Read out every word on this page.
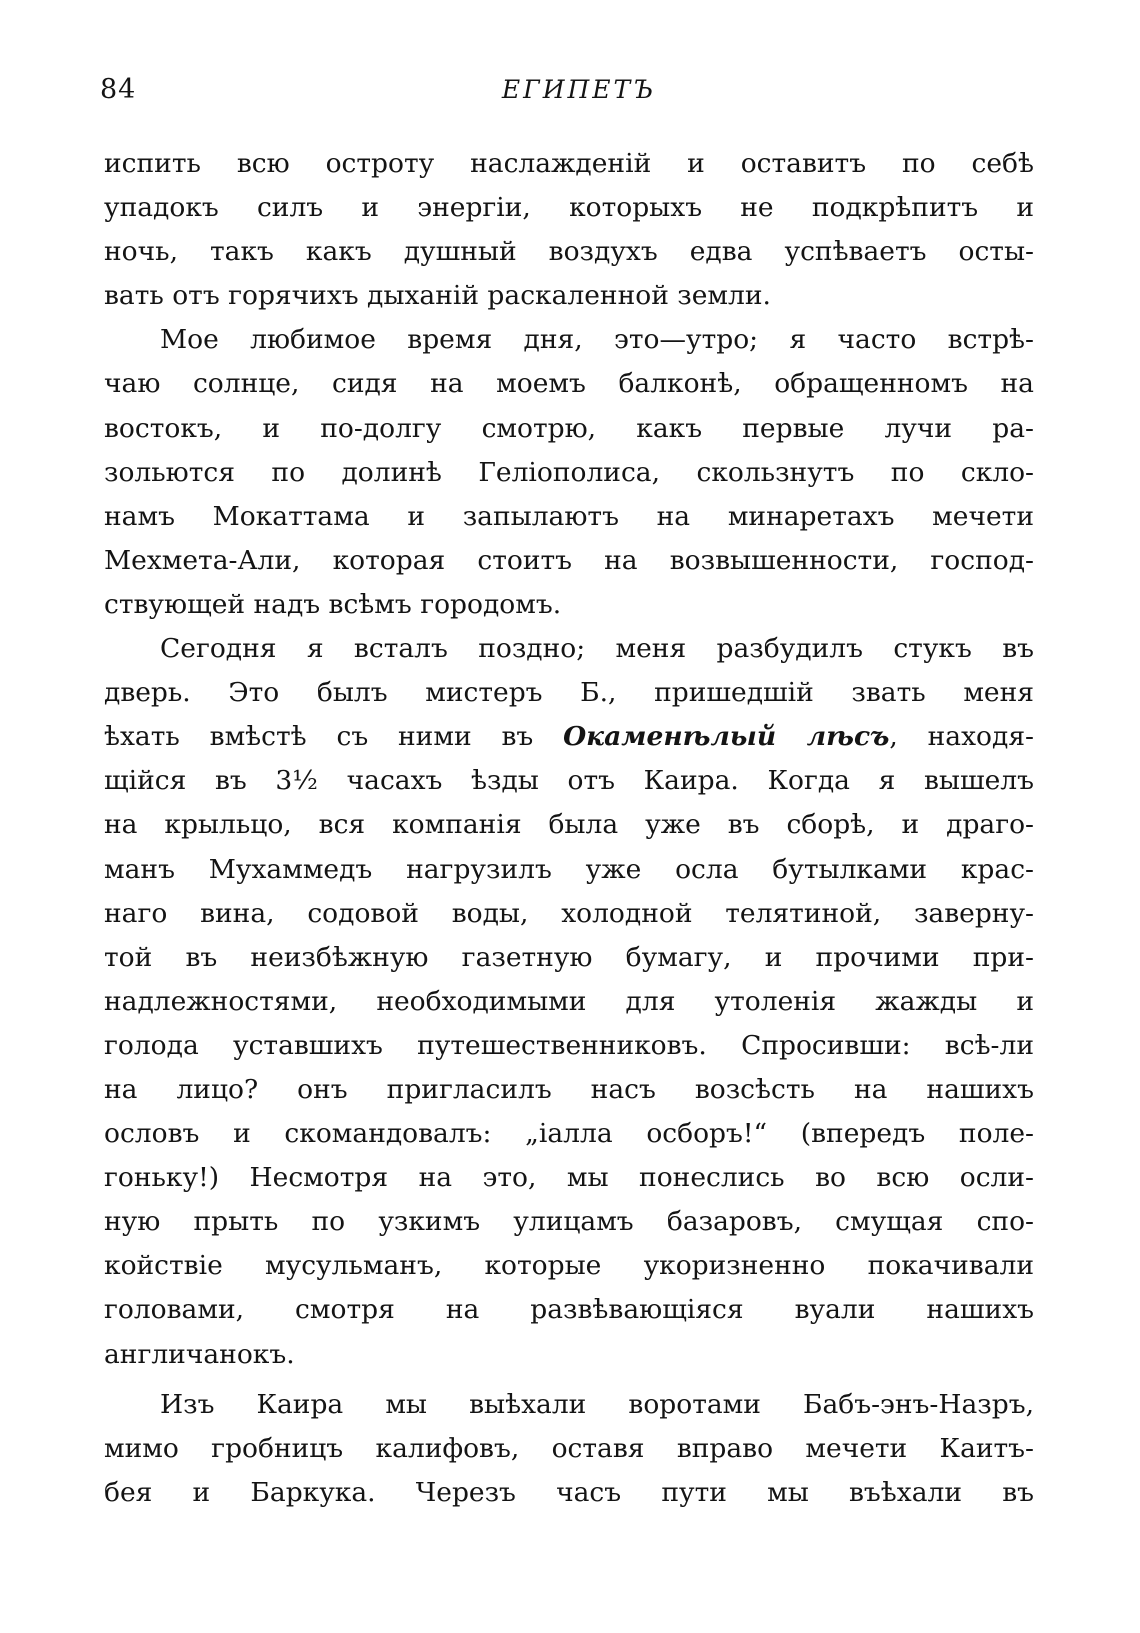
84	ЕГИПЕТЪ
испить всю остроту наслажденій и оставитъ по себѣ
упадокъ силъ и энергіи, которыхъ не подкрѣпитъ и
ночь, такъ какъ душный воздухъ едва успѣваетъ осты-
вать отъ горячихъ дыханій раскаленной земли.
Мое любимое время дня, это—утро; я часто встрѣ-
чаю солнце, сидя на моемъ балконѣ, обращенномъ на
востокъ, и по-долгу смотрю, какъ первые лучи ра-
зольются по долинѣ Геліополиса, скользнутъ по скло-
намъ Мокаттама и запылаютъ на минаретахъ мечети
Мехмета-Али, которая стоитъ на возвышенности, господ-
ствующей надъ всѣмъ городомъ.
Сегодня я всталъ поздно; меня разбудилъ стукъ въ
дверь. Это былъ мистеръ Б., пришедшій звать меня
ѣхать вмѣстѣ съ ними въ Окаменѣлый лѣсъ, находя-
щійся въ 3½ часахъ ѣзды отъ Каира. Когда я вышелъ
на крыльцо, вся компанія была уже въ сборѣ, и драго-
манъ Мухаммедъ нагрузилъ уже осла бутылками крас-
наго вина, содовой воды, холодной телятиной, заверну-
той въ неизбѣжную газетную бумагу, и прочими при-
надлежностями, необходимыми для утоленія жажды и
голода уставшихъ путешественниковъ. Спросивши: всѣ-ли
на лицо? онъ пригласилъ насъ возсѣсть на нашихъ
ословъ и скомандовалъ: „іалла осборъ!“ (впередъ поле-
гоньку!) Несмотря на это, мы понеслись во всю осли-
ную прыть по узкимъ улицамъ базаровъ, смущая спо-
койствіе мусульманъ, которые укоризненно покачивали
головами, смотря на развѣвающіяся вуали нашихъ
англичанокъ.
Изъ Каира мы выѣхали воротами Бабъ-энъ-Назръ,
мимо гробницъ калифовъ, оставя вправо мечети Каитъ-
бея и Баркука. Черезъ часъ пути мы въѣхали въ
